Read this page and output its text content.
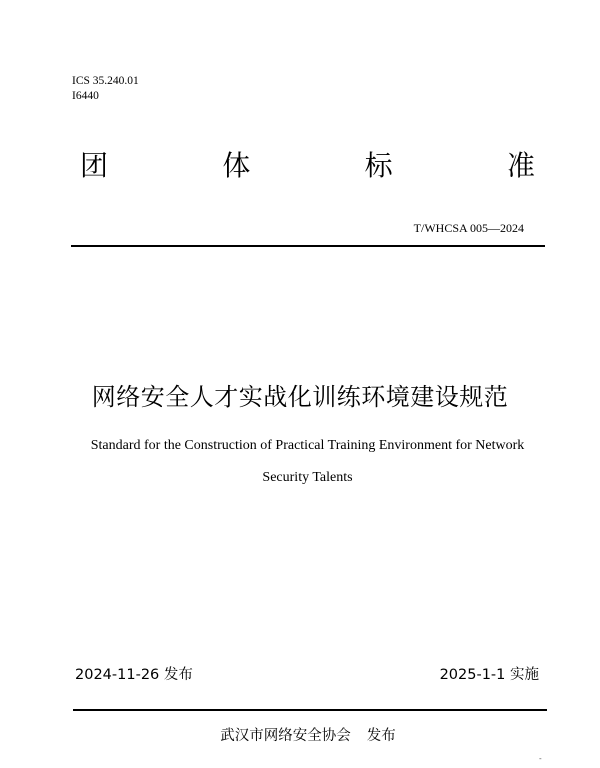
ICS 35.240.01
I6440
团	体	标	准
T/WHCSA 005—2024
网络安全人才实战化训练环境建设规范
Standard for the Construction of Practical Training Environment for Network
Security Talents
2024-11-26 发布	2025-1-1 实施
武汉市网络安全协会 发布
-
